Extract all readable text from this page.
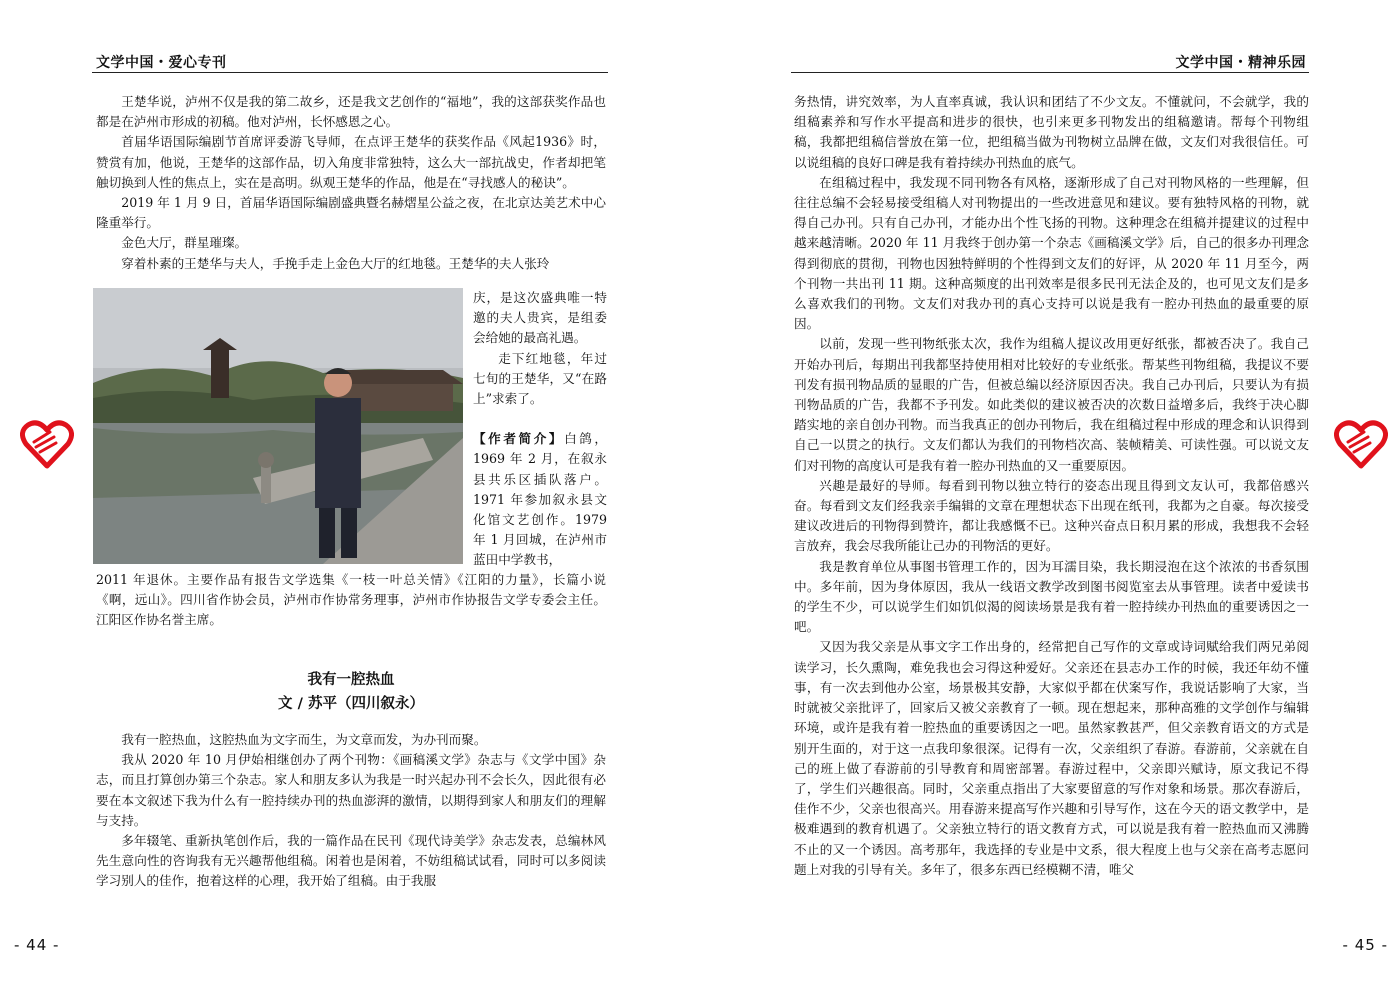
文学中国・爱心专刊

王楚华说，泸州不仅是我的第二故乡，还是我文艺创作的“福地”，我的这部获奖作品也都是在泸州市形成的初稿。他对泸州，长怀感恩之心。

首届华语国际编剧节首席评委游飞导师，在点评王楚华的获奖作品《风起1936》时，赞赏有加，他说，王楚华的这部作品，切入角度非常独特，这么大一部抗战史，作者却把笔触切换到人性的焦点上，实在是高明。纵观王楚华的作品，他是在“寻找感人的秘诀”。

2019 年 1 月 9 日，首届华语国际编剧盛典暨名赫熠星公益之夜，在北京达美艺术中心隆重举行。

金色大厅，群星璀璨。

穿着朴素的王楚华与夫人，手挽手走上金色大厅的红地毯。王楚华的夫人张玲

庆，是这次盛典唯一特邀的夫人贵宾，是组委会给她的最高礼遇。

走下红地毯，年过七旬的王楚华，又“在路上”求索了。

【作者简介】白鸽，1969 年 2 月，在叙永县共乐区插队落户。1971 年参加叙永县文化馆文艺创作。1979 年 1 月回城，在泸州市蓝田中学教书，

2011 年退休。主要作品有报告文学选集《一枝一叶总关情》《江阳的力量》，长篇小说《啊，远山》。四川省作协会员，泸州市作协常务理事，泸州市作协报告文学专委会主任。江阳区作协名誉主席。

我有一腔热血
文 / 苏平（四川叙永）

我有一腔热血，这腔热血为文字而生，为文章而发，为办刊而聚。

我从 2020 年 10 月伊始相继创办了两个刊物：《画稿溪文学》杂志与《文学中国》杂志，而且打算创办第三个杂志。家人和朋友多认为我是一时兴起办刊不会长久，因此很有必要在本文叙述下我为什么有一腔持续办刊的热血澎湃的激情，以期得到家人和朋友们的理解与支持。

多年辍笔、重新执笔创作后，我的一篇作品在民刊《现代诗美学》杂志发表，总编林风先生意向性的咨询我有无兴趣帮他组稿。闲着也是闲着，不妨组稿试试看，同时可以多阅读学习别人的佳作，抱着这样的心理，我开始了组稿。由于我服

- 44 -
文学中国・精神乐园

务热情，讲究效率，为人直率真诚，我认识和团结了不少文友。不懂就问，不会就学，我的组稿素养和写作水平提高和进步的很快，也引来更多刊物发出的组稿邀请。帮每个刊物组稿，我都把组稿信誉放在第一位，把组稿当做为刊物树立品牌在做，文友们对我很信任。可以说组稿的良好口碑是我有着持续办刊热血的底气。

在组稿过程中，我发现不同刊物各有风格，逐渐形成了自己对刊物风格的一些理解，但往往总编不会轻易接受组稿人对刊物提出的一些改进意见和建议。要有独特风格的刊物，就得自己办刊。只有自己办刊，才能办出个性飞扬的刊物。这种理念在组稿并提建议的过程中越来越清晰。2020 年 11 月我终于创办第一个杂志《画稿溪文学》后，自己的很多办刊理念得到彻底的贯彻，刊物也因独特鲜明的个性得到文友们的好评，从 2020 年 11 月至今，两个刊物一共出刊 11 期。这种高频度的出刊效率是很多民刊无法企及的，也可见文友们是多么喜欢我们的刊物。文友们对我办刊的真心支持可以说是我有一腔办刊热血的最重要的原因。

以前，发现一些刊物纸张太次，我作为组稿人提议改用更好纸张，都被否决了。我自己开始办刊后，每期出刊我都坚持使用相对比较好的专业纸张。帮某些刊物组稿，我提议不要刊发有损刊物品质的显眼的广告，但被总编以经济原因否决。我自己办刊后，只要认为有损刊物品质的广告，我都不予刊发。如此类似的建议被否决的次数日益增多后，我终于决心脚踏实地的亲自创办刊物。而当我真正的创办刊物后，我在组稿过程中形成的理念和认识得到自己一以贯之的执行。文友们都认为我们的刊物档次高、装帧精美、可读性强。可以说文友们对刊物的高度认可是我有着一腔办刊热血的又一重要原因。

兴趣是最好的导师。每看到刊物以独立特行的姿态出现且得到文友认可，我都倍感兴奋。每看到文友们经我亲手编辑的文章在理想状态下出现在纸刊，我都为之自豪。每次接受建议改进后的刊物得到赞许，都让我感慨不已。这种兴奋点日积月累的形成，我想我不会轻言放弃，我会尽我所能让己办的刊物活的更好。

我是教育单位从事图书管理工作的，因为耳濡目染，我长期浸泡在这个浓浓的书香氛围中。多年前，因为身体原因，我从一线语文教学改到图书阅览室去从事管理。读者中爱读书的学生不少，可以说学生们如饥似渴的阅读场景是我有着一腔持续办刊热血的重要诱因之一吧。

又因为我父亲是从事文字工作出身的，经常把自己写作的文章或诗词赋给我们两兄弟阅读学习，长久熏陶，难免我也会习得这种爱好。父亲还在县志办工作的时候，我还年幼不懂事，有一次去到他办公室，场景极其安静，大家似乎都在伏案写作，我说话影响了大家，当时就被父亲批评了，回家后又被父亲教育了一顿。现在想起来，那种高雅的文学创作与编辑环境，或许是我有着一腔热血的重要诱因之一吧。虽然家教甚严，但父亲教育语文的方式是别开生面的，对于这一点我印象很深。记得有一次，父亲组织了春游。春游前，父亲就在自己的班上做了春游前的引导教育和周密部署。春游过程中，父亲即兴赋诗，原文我记不得了，学生们兴趣很高。同时，父亲重点指出了大家要留意的写作对象和场景。那次春游后，佳作不少，父亲也很高兴。用春游来提高写作兴趣和引导写作，这在今天的语文教学中，是极难遇到的教育机遇了。父亲独立特行的语文教育方式，可以说是我有着一腔热血而又沸腾不止的又一个诱因。高考那年，我选择的专业是中文系，很大程度上也与父亲在高考志愿问题上对我的引导有关。多年了，很多东西已经模糊不清，唯父

- 45 -
